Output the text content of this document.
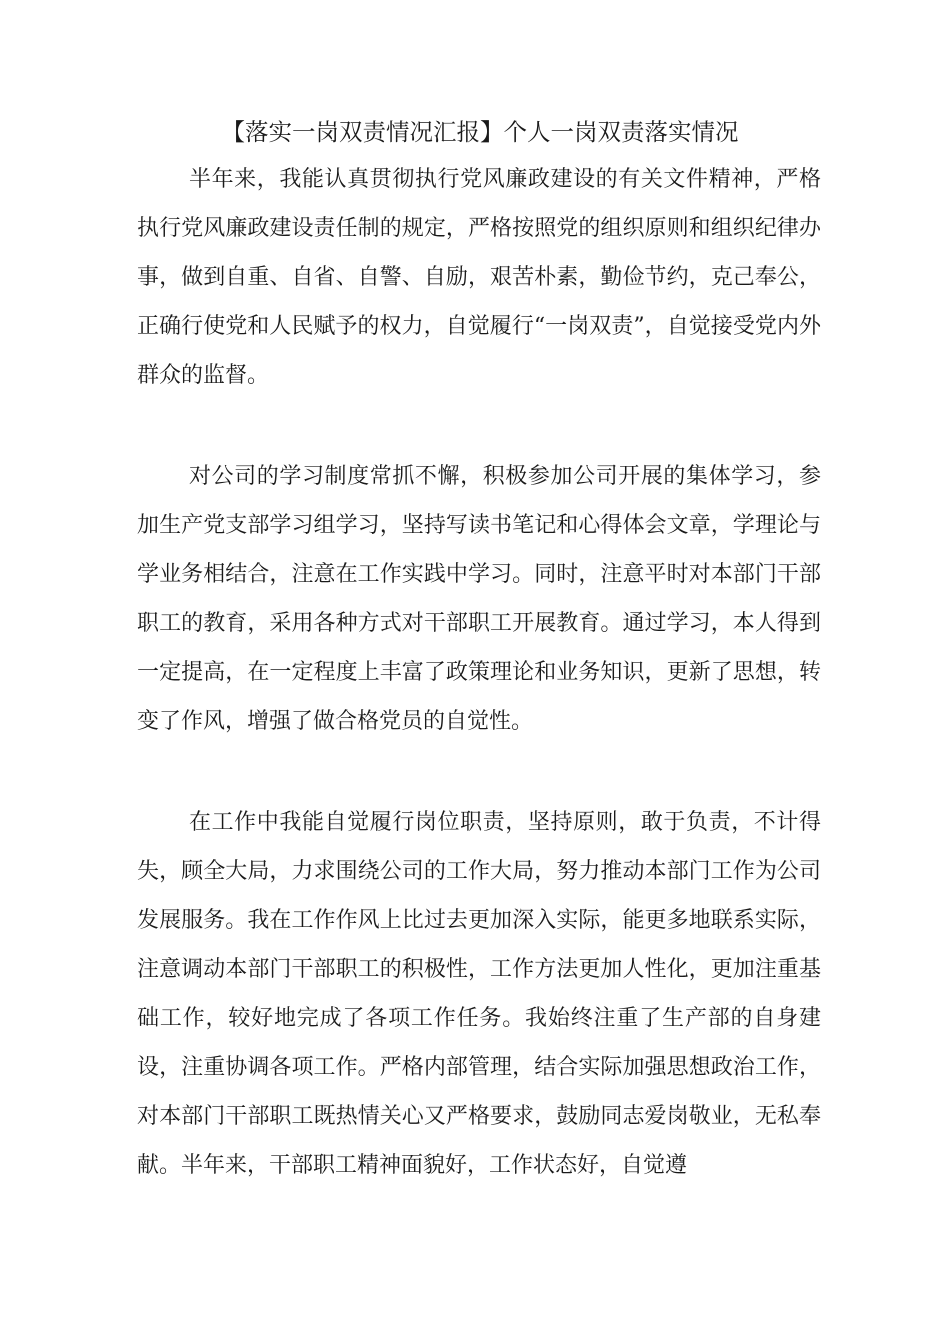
【落实一岗双责情况汇报】个人一岗双责落实情况

半年来，我能认真贯彻执行党风廉政建设的有关文件精神，严格执行党风廉政建设责任制的规定，严格按照党的组织原则和组织纪律办事，做到自重、自省、自警、自励，艰苦朴素，勤俭节约，克己奉公，正确行使党和人民赋予的权力，自觉履行“一岗双责”，自觉接受党内外群众的监督。

对公司的学习制度常抓不懈，积极参加公司开展的集体学习，参加生产党支部学习组学习，坚持写读书笔记和心得体会文章，学理论与学业务相结合，注意在工作实践中学习。同时，注意平时对本部门干部职工的教育，采用各种方式对干部职工开展教育。通过学习，本人得到一定提高，在一定程度上丰富了政策理论和业务知识，更新了思想，转变了作风，增强了做合格党员的自觉性。

在工作中我能自觉履行岗位职责，坚持原则，敢于负责，不计得失，顾全大局，力求围绕公司的工作大局，努力推动本部门工作为公司发展服务。我在工作作风上比过去更加深入实际，能更多地联系实际，注意调动本部门干部职工的积极性，工作方法更加人性化，更加注重基础工作，较好地完成了各项工作任务。我始终注重了生产部的自身建设，注重协调各项工作。严格内部管理，结合实际加强思想政治工作，对本部门干部职工既热情关心又严格要求，鼓励同志爱岗敬业，无私奉献。半年来，干部职工精神面貌好，工作状态好，自觉遵
